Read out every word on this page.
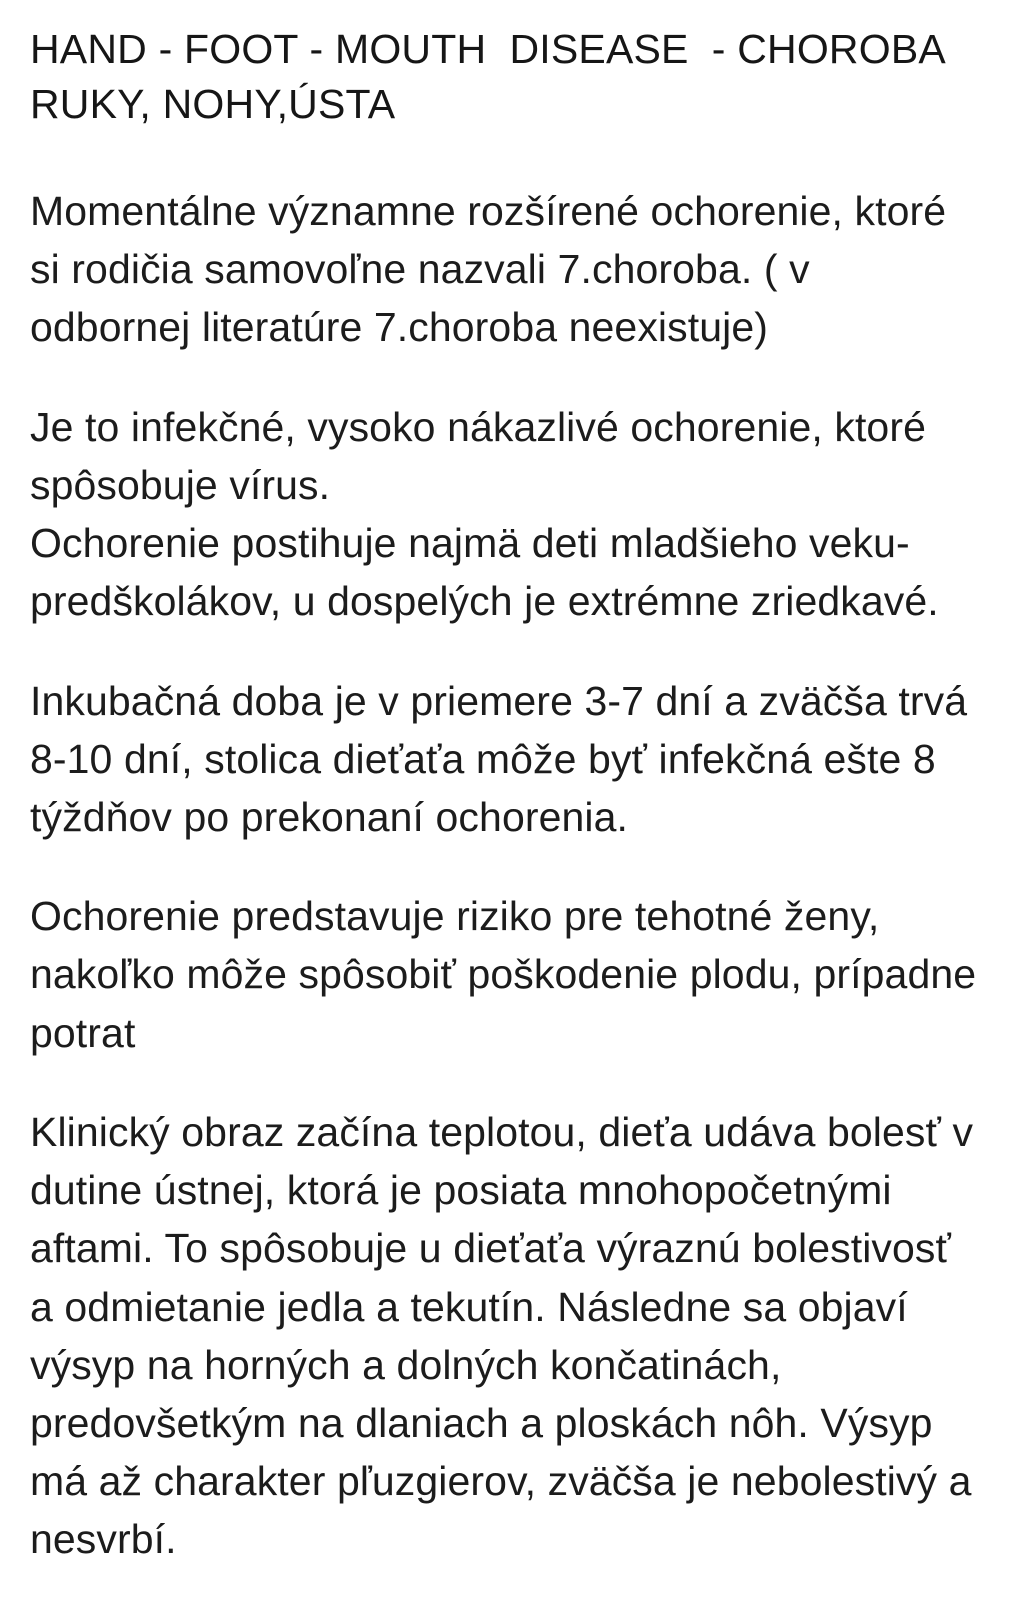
HAND - FOOT - MOUTH  DISEASE  - CHOROBA RUKY, NOHY,ÚSTA

Momentálne významne rozšírené ochorenie, ktoré si rodičia samovoľne nazvali 7.choroba. ( v odbornej literatúre 7.choroba neexistuje)

Je to infekčné, vysoko nákazlivé ochorenie, ktoré spôsobuje vírus.

Ochorenie postihuje najmä deti mladšieho veku- predškolákov, u dospelých je extrémne zriedkavé.

Inkubačná doba je v priemere 3-7 dní a zväčša trvá 8-10 dní, stolica dieťaťa môže byť infekčná ešte 8 týždňov po prekonaní ochorenia.

Ochorenie predstavuje riziko pre tehotné ženy, nakoľko môže spôsobiť poškodenie plodu, prípadne potrat

Klinický obraz začína teplotou, dieťa udáva bolesť v dutine ústnej, ktorá je posiata mnohopočetnými aftami. To spôsobuje u dieťaťa výraznú bolestivosť a odmietanie jedla a tekutín. Následne sa objaví výsyp na horných a dolných končatinách, predovšetkým na dlaniach a ploskách nôh. Výsyp má až charakter pľuzgierov, zväčša je nebolestivý a nesvrbí.
